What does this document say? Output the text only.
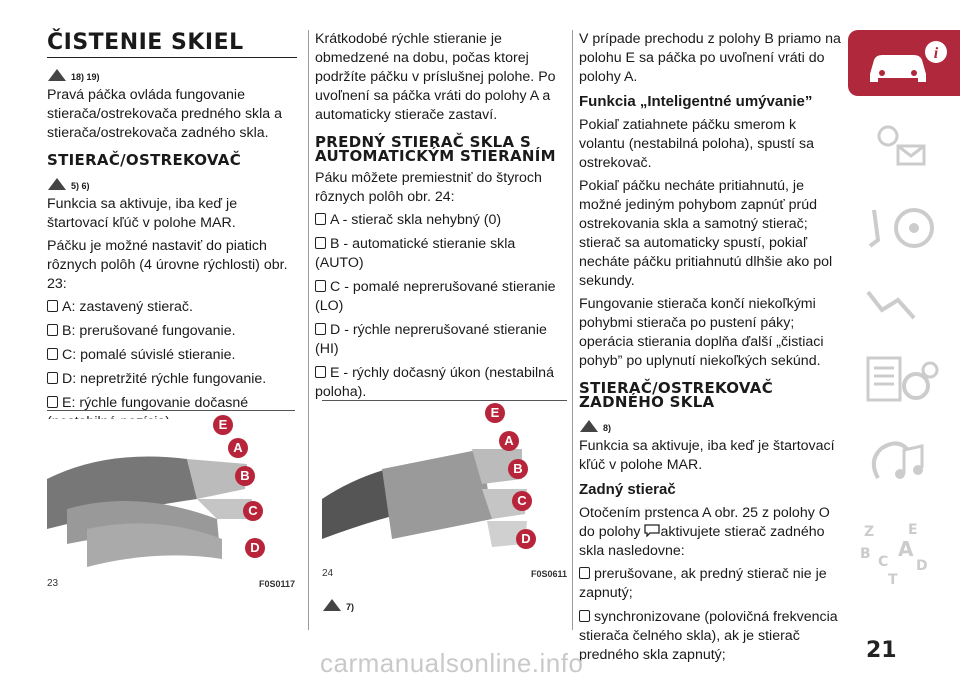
ČISTENIE SKIEL
18) 19)

Pravá páčka ovláda fungovanie stierača/ostrekovača predného skla a stierača/ostrekovača zadného skla.

STIERAČ/OSTREKOVAČ
5) 6)

Funkcia sa aktivuje, iba keď je štartovací kľúč v polohe MAR.

Páčku je možné nastaviť do piatich rôznych polôh (4 úrovne rýchlosti) obr. 23:

A: zastavený stierač.
B: prerušované fungovanie.
C: pomalé súvislé stieranie.
D: nepretržité rýchle fungovanie.
E: rýchle fungovanie dočasné (nestabilná pozícia).	E
A
B
C
D
23	F0S0117

Krátkodobé rýchle stieranie je obmedzené na dobu, počas ktorej podržíte páčku v príslušnej polohe. Po uvoľnení sa páčka vráti do polohy A a automaticky stierače zastaví.

PREDNÝ STIERAČ SKLA S AUTOMATICKÝM STIERANÍM

Páku môžete premiestniť do štyroch rôznych polôh obr. 24:

A - stierač skla nehybný (0)
B - automatické stieranie skla (AUTO)
C - pomalé neprerušované stieranie (LO)
D - rýchle neprerušované stieranie (HI)
E - rýchly dočasný úkon (nestabilná poloha).
E
A
B
C
D
24	F0S0611
7)

V prípade prechodu z polohy B priamo na polohu E sa páčka po uvoľnení vráti do polohy A.

Funkcia „Inteligentné umývanie”

Pokiaľ zatiahnete páčku smerom k volantu (nestabilná poloha), spustí sa ostrekovač.

Pokiaľ páčku necháte pritiahnutú, je možné jediným pohybom zapnúť prúd ostrekovania skla a samotný stierač; stierač sa automaticky spustí, pokiaľ necháte páčku pritiahnutú dlhšie ako pol sekundy.

Fungovanie stierača končí niekoľkými pohybmi stierača po pustení páky; operácia stierania doplňa ďalší „čistiaci pohyb” po uplynutí niekoľkých sekúnd.

STIERAČ/OSTREKOVAČ ZADNÉHO SKLA
8)

Funkcia sa aktivuje, iba keď je štartovací kľúč v polohe MAR.

Zadný stierač

Otočením prstenca A obr. 25 z polohy O do polohy aktivujete stierač zadného skla nasledovne:

prerušovane, ak predný stierač nie je zapnutý;
synchronizovane (polovičná frekvencia stierača čelného skla), ak je stierač predného skla zapnutý;
i
Z E
B A
C
T
D
21
carmanualsonline.info
